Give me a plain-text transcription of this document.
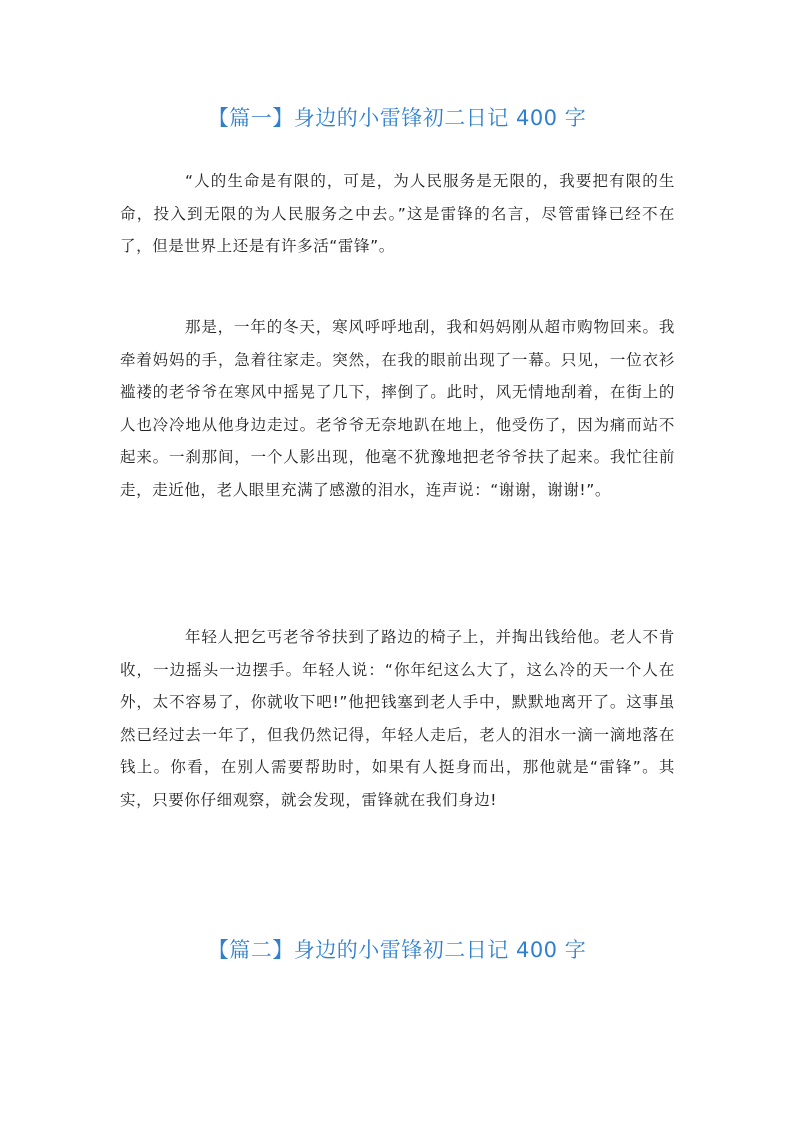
【篇一】身边的小雷锋初二日记 400 字

“人的生命是有限的，可是，为人民服务是无限的，我要把有限的生命，投入到无限的为人民服务之中去。”这是雷锋的名言，尽管雷锋已经不在了，但是世界上还是有许多活“雷锋”。

那是，一年的冬天，寒风呼呼地刮，我和妈妈刚从超市购物回来。我牵着妈妈的手，急着往家走。突然，在我的眼前出现了一幕。只见，一位衣衫褴褛的老爷爷在寒风中摇晃了几下，摔倒了。此时，风无情地刮着，在街上的人也冷冷地从他身边走过。老爷爷无奈地趴在地上，他受伤了，因为痛而站不起来。一刹那间，一个人影出现，他毫不犹豫地把老爷爷扶了起来。我忙往前走，走近他，老人眼里充满了感激的泪水，连声说：“谢谢，谢谢!”。

年轻人把乞丐老爷爷扶到了路边的椅子上，并掏出钱给他。老人不肯收，一边摇头一边摆手。年轻人说：“你年纪这么大了，这么冷的天一个人在外，太不容易了，你就收下吧!”他把钱塞到老人手中，默默地离开了。这事虽然已经过去一年了，但我仍然记得，年轻人走后，老人的泪水一滴一滴地落在钱上。你看，在别人需要帮助时，如果有人挺身而出，那他就是“雷锋”。其实，只要你仔细观察，就会发现，雷锋就在我们身边!

【篇二】身边的小雷锋初二日记 400 字
